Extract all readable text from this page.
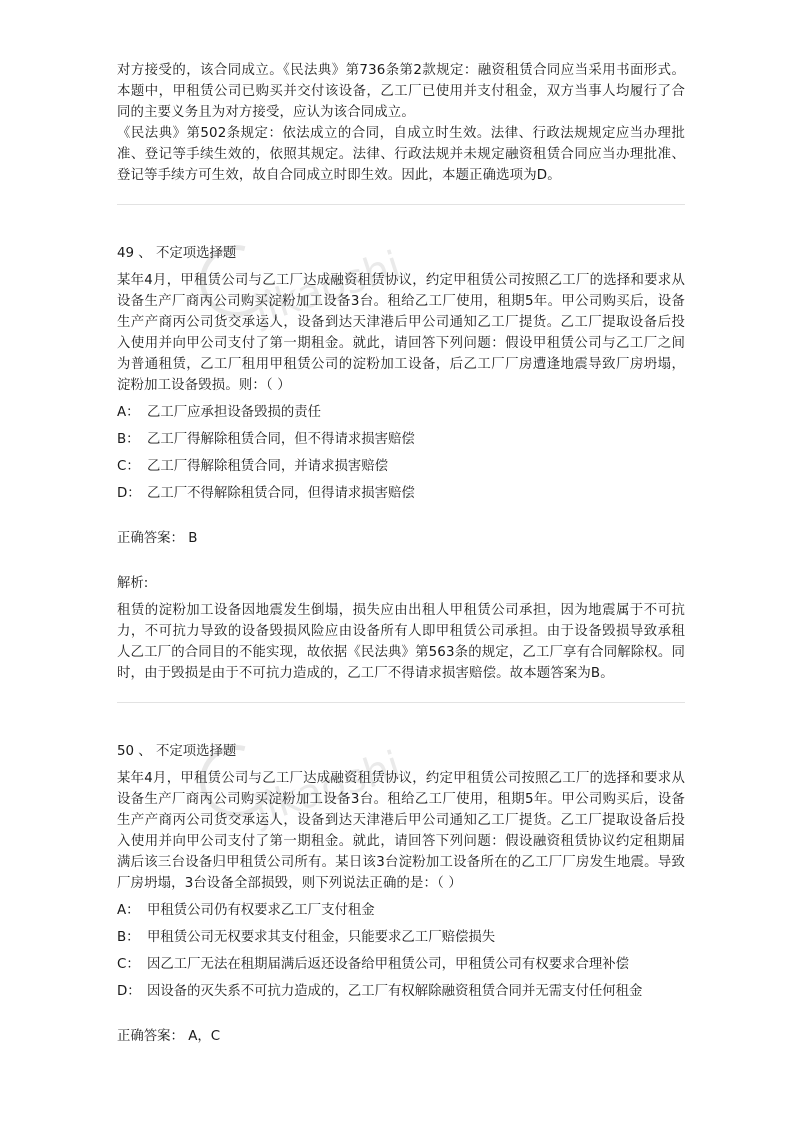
jikaoshi
jikaoshi

对方接受的，该合同成立。《民法典》第736条第2款规定：融资租赁合同应当采用书面形式。本题中，甲租赁公司已购买并交付该设备，乙工厂已使用并支付租金，双方当事人均履行了合同的主要义务且为对方接受，应认为该合同成立。

《民法典》第502条规定：依法成立的合同，自成立时生效。法律、行政法规规定应当办理批准、登记等手续生效的，依照其规定。法律、行政法规并未规定融资租赁合同应当办理批准、登记等手续方可生效，故自合同成立时即生效。因此，本题正确选项为D。

49 、 不定项选择题

某年4月，甲租赁公司与乙工厂达成融资租赁协议，约定甲租赁公司按照乙工厂的选择和要求从设备生产厂商丙公司购买淀粉加工设备3台。租给乙工厂使用，租期5年。甲公司购买后，设备生产产商丙公司货交承运人，设备到达天津港后甲公司通知乙工厂提货。乙工厂提取设备后投入使用并向甲公司支付了第一期租金。就此，请回答下列问题：假设甲租赁公司与乙工厂之间为普通租赁，乙工厂租用甲租赁公司的淀粉加工设备，后乙工厂厂房遭逢地震导致厂房坍塌，淀粉加工设备毁损。则：（ ）

A： 乙工厂应承担设备毁损的责任
B： 乙工厂得解除租赁合同，但不得请求损害赔偿
C： 乙工厂得解除租赁合同，并请求损害赔偿
D： 乙工厂不得解除租赁合同，但得请求损害赔偿

正确答案： B

解析:

租赁的淀粉加工设备因地震发生倒塌，损失应由出租人甲租赁公司承担，因为地震属于不可抗力，不可抗力导致的设备毁损风险应由设备所有人即甲租赁公司承担。由于设备毁损导致承租人乙工厂的合同目的不能实现，故依据《民法典》第563条的规定，乙工厂享有合同解除权。同时，由于毁损是由于不可抗力造成的，乙工厂不得请求损害赔偿。故本题答案为B。

50 、 不定项选择题

某年4月，甲租赁公司与乙工厂达成融资租赁协议，约定甲租赁公司按照乙工厂的选择和要求从设备生产厂商丙公司购买淀粉加工设备3台。租给乙工厂使用，租期5年。甲公司购买后，设备生产产商丙公司货交承运人，设备到达天津港后甲公司通知乙工厂提货。乙工厂提取设备后投入使用并向甲公司支付了第一期租金。就此，请回答下列问题：假设融资租赁协议约定租期届满后该三台设备归甲租赁公司所有。某日该3台淀粉加工设备所在的乙工厂厂房发生地震。导致厂房坍塌，3台设备全部损毁，则下列说法正确的是：（ ）

A： 甲租赁公司仍有权要求乙工厂支付租金
B： 甲租赁公司无权要求其支付租金，只能要求乙工厂赔偿损失
C： 因乙工厂无法在租期届满后返还设备给甲租赁公司，甲租赁公司有权要求合理补偿
D： 因设备的灭失系不可抗力造成的，乙工厂有权解除融资租赁合同并无需支付任何租金

正确答案： A，C
